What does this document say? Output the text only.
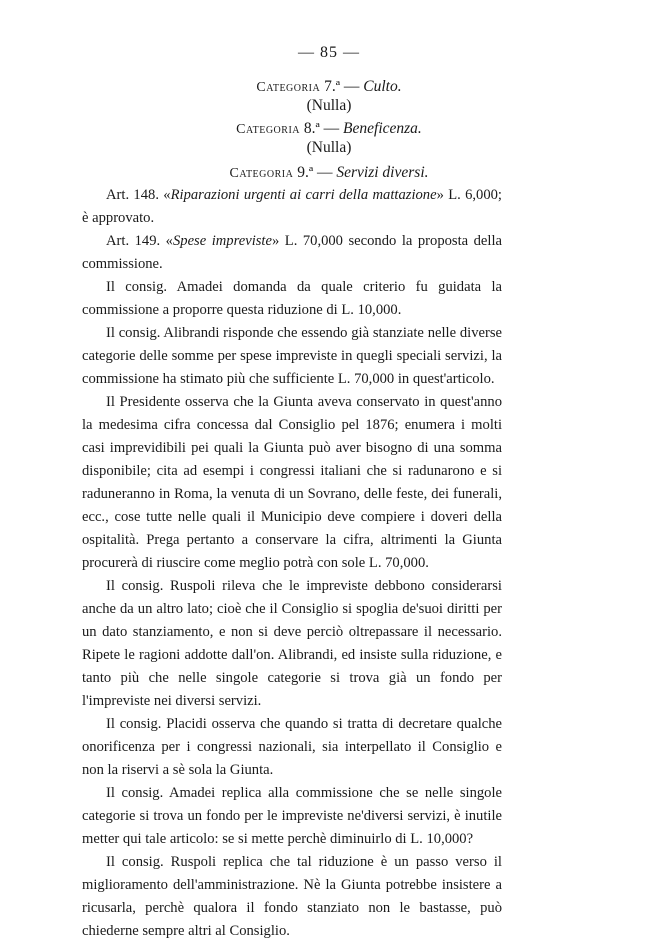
— 85 —
Categoria 7.ª — Culto.
(Nulla)
Categoria 8.ª — Beneficenza.
(Nulla)
Categoria 9.ª — Servizi diversi.

Art. 148. «Riparazioni urgenti ai carri della mattazione» L. 6,000; è approvato.

Art. 149. «Spese impreviste» L. 70,000 secondo la proposta della commissione.

Il consig. Amadei domanda da quale criterio fu guidata la commissione a proporre questa riduzione di L. 10,000.

Il consig. Alibrandi risponde che essendo già stanziate nelle diverse categorie delle somme per spese impreviste in quegli speciali servizi, la commissione ha stimato più che sufficiente L. 70,000 in quest'articolo.

Il Presidente osserva che la Giunta aveva conservato in quest'anno la medesima cifra concessa dal Consiglio pel 1876; enumera i molti casi imprevidibili pei quali la Giunta può aver bisogno di una somma disponibile; cita ad esempi i congressi italiani che si radunarono e si raduneranno in Roma, la venuta di un Sovrano, delle feste, dei funerali, ecc., cose tutte nelle quali il Municipio deve compiere i doveri della ospitalità. Prega pertanto a conservare la cifra, altrimenti la Giunta procurerà di riuscire come meglio potrà con sole L. 70,000.

Il consig. Ruspoli rileva che le impreviste debbono considerarsi anche da un altro lato; cioè che il Consiglio si spoglia de'suoi diritti per un dato stanziamento, e non si deve perciò oltrepassare il necessario. Ripete le ragioni addotte dall'on. Alibrandi, ed insiste sulla riduzione, e tanto più che nelle singole categorie si trova già un fondo per l'impreviste nei diversi servizi.

Il consig. Placidi osserva che quando si tratta di decretare qualche onorificenza per i congressi nazionali, sia interpellato il Consiglio e non la riservi a sè sola la Giunta.

Il consig. Amadei replica alla commissione che se nelle singole categorie si trova un fondo per le impreviste ne'diversi servizi, è inutile metter qui tale articolo: se si mette perchè diminuirlo di L. 10,000?

Il consig. Ruspoli replica che tal riduzione è un passo verso il miglioramento dell'amministrazione. Nè la Giunta potrebbe insistere a ricusarla, perchè qualora il fondo stanziato non le bastasse, può chiederne sempre altri al Consiglio.
